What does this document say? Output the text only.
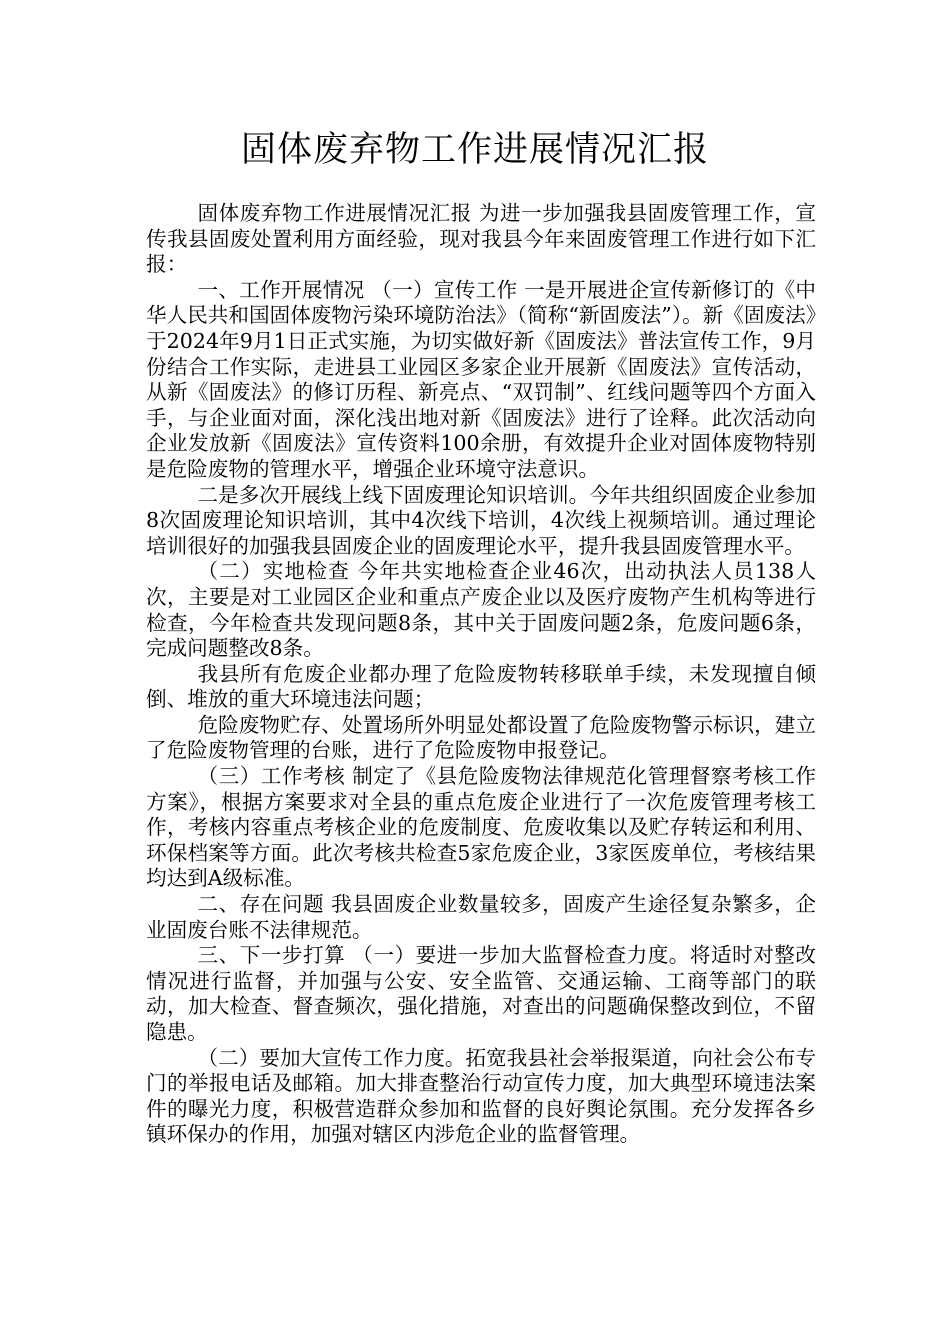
固体废弃物工作进展情况汇报

固体废弃物工作进展情况汇报 为进一步加强我县固废管理工作，宣传我县固废处置利用方面经验，现对我县今年来固废管理工作进行如下汇报：

一、工作开展情况 （一）宣传工作 一是开展进企宣传新修订的《中华人民共和国固体废物污染环境防治法》（简称“新固废法”）。新《固废法》于2024年9月1日正式实施，为切实做好新《固废法》普法宣传工作，9月份结合工作实际，走进县工业园区多家企业开展新《固废法》宣传活动，从新《固废法》的修订历程、新亮点、“双罚制”、红线问题等四个方面入手，与企业面对面，深化浅出地对新《固废法》进行了诠释。此次活动向企业发放新《固废法》宣传资料100余册，有效提升企业对固体废物特别是危险废物的管理水平，增强企业环境守法意识。

二是多次开展线上线下固废理论知识培训。今年共组织固废企业参加8次固废理论知识培训，其中4次线下培训，4次线上视频培训。通过理论培训很好的加强我县固废企业的固废理论水平，提升我县固废管理水平。

（二）实地检查 今年共实地检查企业46次，出动执法人员138人次，主要是对工业园区企业和重点产废企业以及医疗废物产生机构等进行检查，今年检查共发现问题8条，其中关于固废问题2条，危废问题6条，完成问题整改8条。

我县所有危废企业都办理了危险废物转移联单手续，未发现擅自倾倒、堆放的重大环境违法问题；

危险废物贮存、处置场所外明显处都设置了危险废物警示标识，建立了危险废物管理的台账，进行了危险废物申报登记。

（三）工作考核 制定了《县危险废物法律规范化管理督察考核工作方案》，根据方案要求对全县的重点危废企业进行了一次危废管理考核工作，考核内容重点考核企业的危废制度、危废收集以及贮存转运和利用、环保档案等方面。此次考核共检查5家危废企业，3家医废单位，考核结果均达到A级标准。

二、存在问题 我县固废企业数量较多，固废产生途径复杂繁多，企业固废台账不法律规范。

三、下一步打算 （一）要进一步加大监督检查力度。将适时对整改情况进行监督，并加强与公安、安全监管、交通运输、工商等部门的联动，加大检查、督查频次，强化措施，对查出的问题确保整改到位，不留隐患。

（二）要加大宣传工作力度。拓宽我县社会举报渠道，向社会公布专门的举报电话及邮箱。加大排查整治行动宣传力度，加大典型环境违法案件的曝光力度，积极营造群众参加和监督的良好舆论氛围。充分发挥各乡镇环保办的作用，加强对辖区内涉危企业的监督管理。
